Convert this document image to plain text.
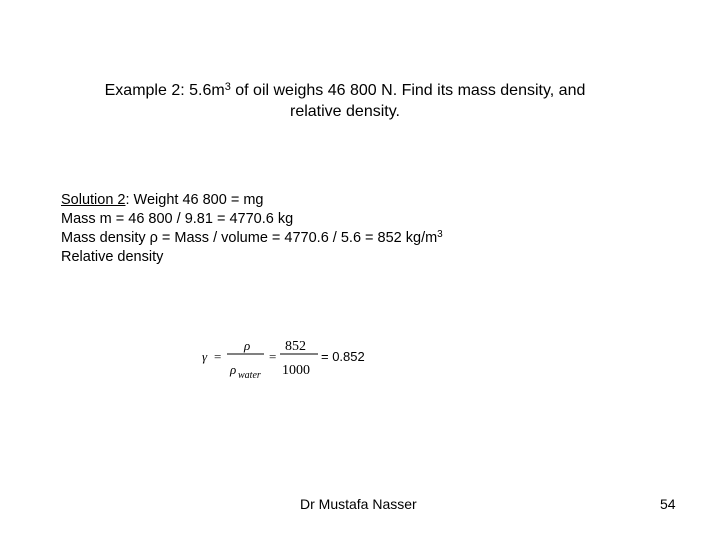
Example 2: $5.6m^3$ of oil weighs 46 800 N. Find its mass density, and
relative density.
Solution 2: Weight 46 800 = mg
Mass m = 46 800 / 9.81 = 4770.6 kg
Mass density ρ = Mass / volume = 4770.6 / 5.6 = 852 $kg/m^3$
Relative density
γ =
ρ
ρ water
=
852
1000
= 0.852
Dr Mustafa Nasser	54
